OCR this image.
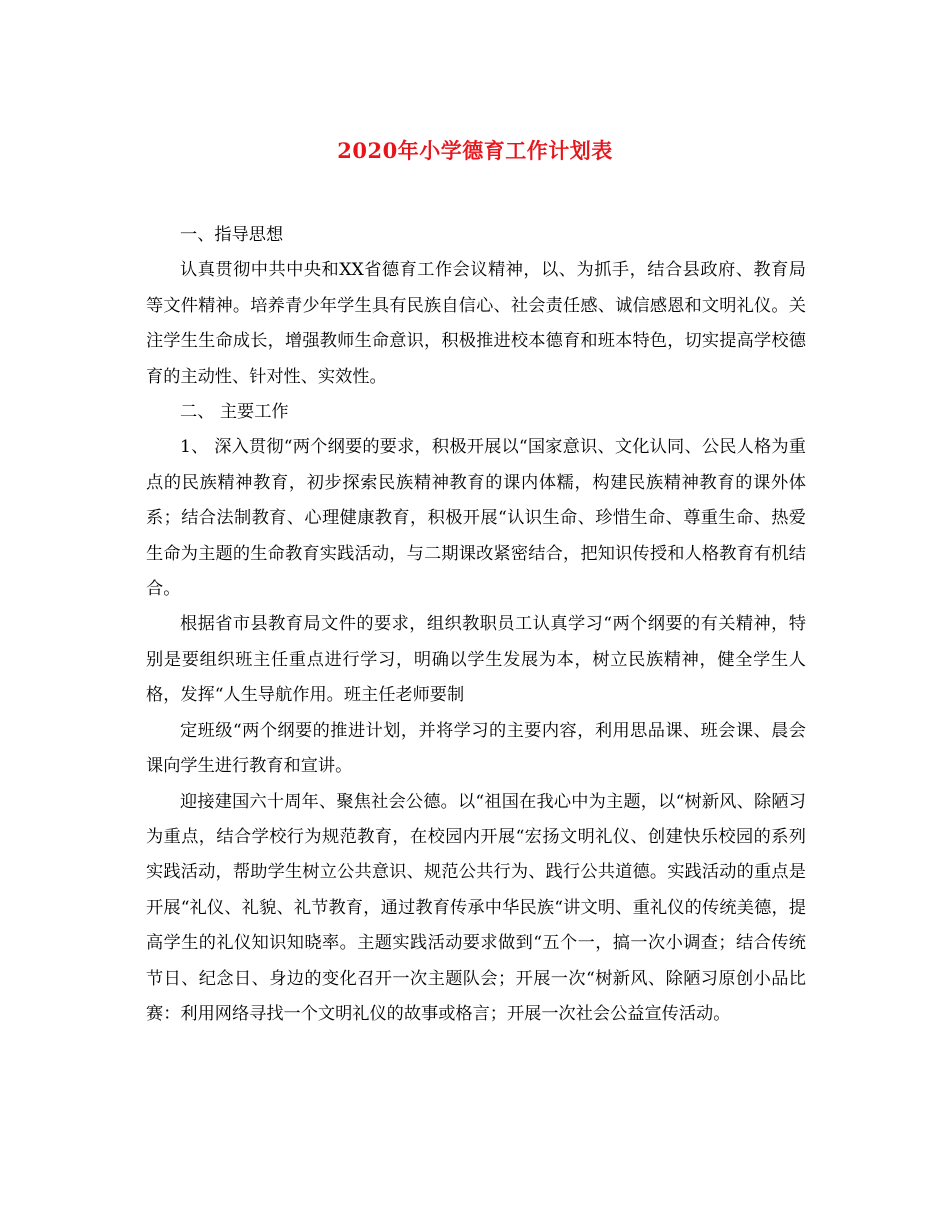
2020年小学德育工作计划表

一、指导思想

认真贯彻中共中央和XX省德育工作会议精神，以、为抓手，结合县政府、教育局等文件精神。培养青少年学生具有民族自信心、社会责任感、诚信感恩和文明礼仪。关注学生生命成长，增强教师生命意识，积极推进校本德育和班本特色，切实提高学校德育的主动性、针对性、实效性。

二、 主要工作

1、 深入贯彻“两个纲要的要求，积极开展以“国家意识、文化认同、公民人格为重点的民族精神教育，初步探索民族精神教育的课内体糯，构建民族精神教育的课外体系；结合法制教育、心理健康教育，积极开展“认识生命、珍惜生命、尊重生命、热爱生命为主题的生命教育实践活动，与二期课改紧密结合，把知识传授和人格教育有机结合。

根据省市县教育局文件的要求，组织教职员工认真学习“两个纲要的有关精神，特别是要组织班主任重点进行学习，明确以学生发展为本，树立民族精神，健全学生人格，发挥“人生导航作用。班主任老师要制

定班级“两个纲要的推进计划，并将学习的主要内容，利用思品课、班会课、晨会课向学生进行教育和宣讲。

迎接建国六十周年、聚焦社会公德。以“祖国在我心中为主题，以“树新风、除陋习为重点，结合学校行为规范教育，在校园内开展“宏扬文明礼仪、创建快乐校园的系列实践活动，帮助学生树立公共意识、规范公共行为、践行公共道德。实践活动的重点是开展“礼仪、礼貌、礼节教育，通过教育传承中华民族“讲文明、重礼仪的传统美德，提高学生的礼仪知识知晓率。主题实践活动要求做到“五个一，搞一次小调查；结合传统节日、纪念日、身边的变化召开一次主题队会；开展一次“树新风、除陋习原创小品比赛：利用网络寻找一个文明礼仪的故事或格言；开展一次社会公益宣传活动。
